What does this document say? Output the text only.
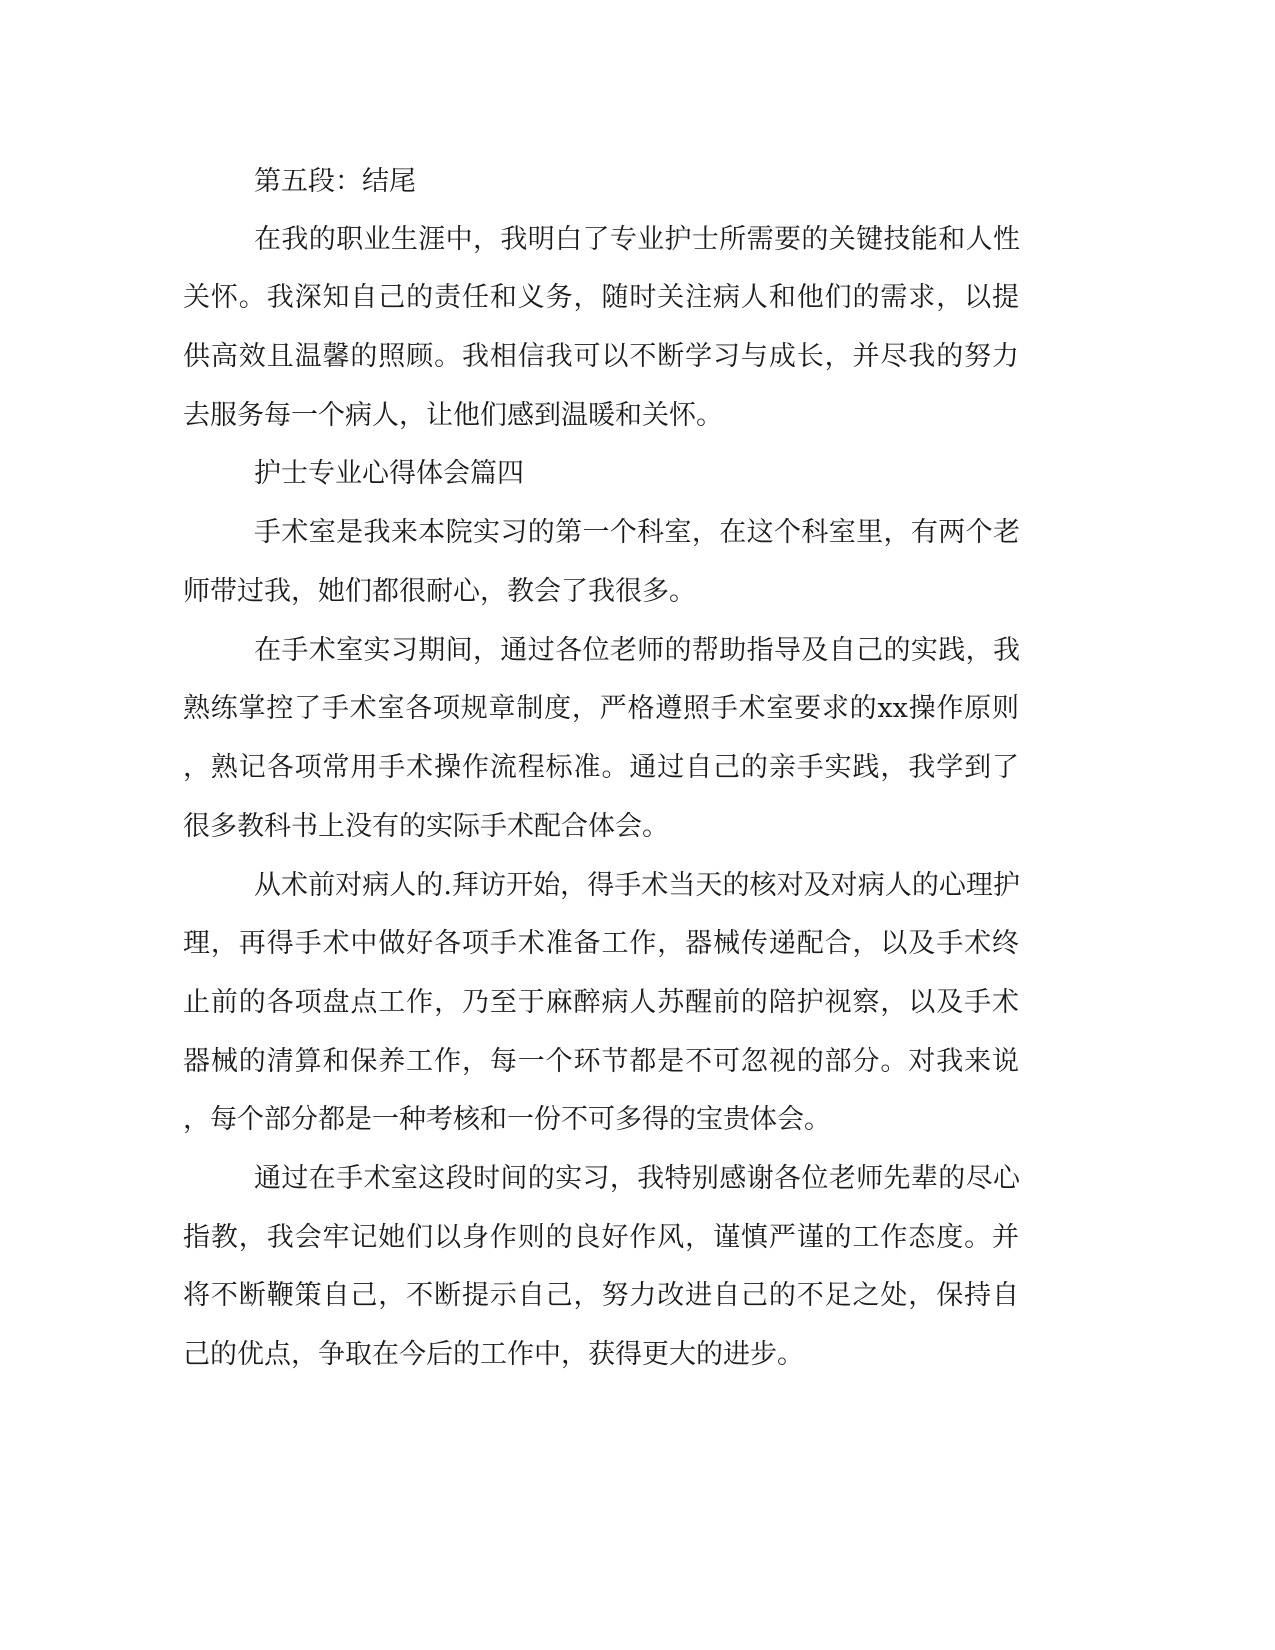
第五段：结尾

在我的职业生涯中，我明白了专业护士所需要的关键技能和人性

关怀。我深知自己的责任和义务，随时关注病人和他们的需求，以提

供高效且温馨的照顾。我相信我可以不断学习与成长，并尽我的努力

去服务每一个病人，让他们感到温暖和关怀。

护士专业心得体会篇四

手术室是我来本院实习的第一个科室，在这个科室里，有两个老

师带过我，她们都很耐心，教会了我很多。

在手术室实习期间，通过各位老师的帮助指导及自己的实践，我

熟练掌控了手术室各项规章制度，严格遵照手术室要求的xx操作原则

，熟记各项常用手术操作流程标准。通过自己的亲手实践，我学到了

很多教科书上没有的实际手术配合体会。

从术前对病人的.拜访开始，得手术当天的核对及对病人的心理护

理，再得手术中做好各项手术准备工作，器械传递配合，以及手术终

止前的各项盘点工作，乃至于麻醉病人苏醒前的陪护视察，以及手术

器械的清算和保养工作，每一个环节都是不可忽视的部分。对我来说

，每个部分都是一种考核和一份不可多得的宝贵体会。

通过在手术室这段时间的实习，我特别感谢各位老师先辈的尽心

指教，我会牢记她们以身作则的良好作风，谨慎严谨的工作态度。并

将不断鞭策自己，不断提示自己，努力改进自己的不足之处，保持自

己的优点，争取在今后的工作中，获得更大的进步。
